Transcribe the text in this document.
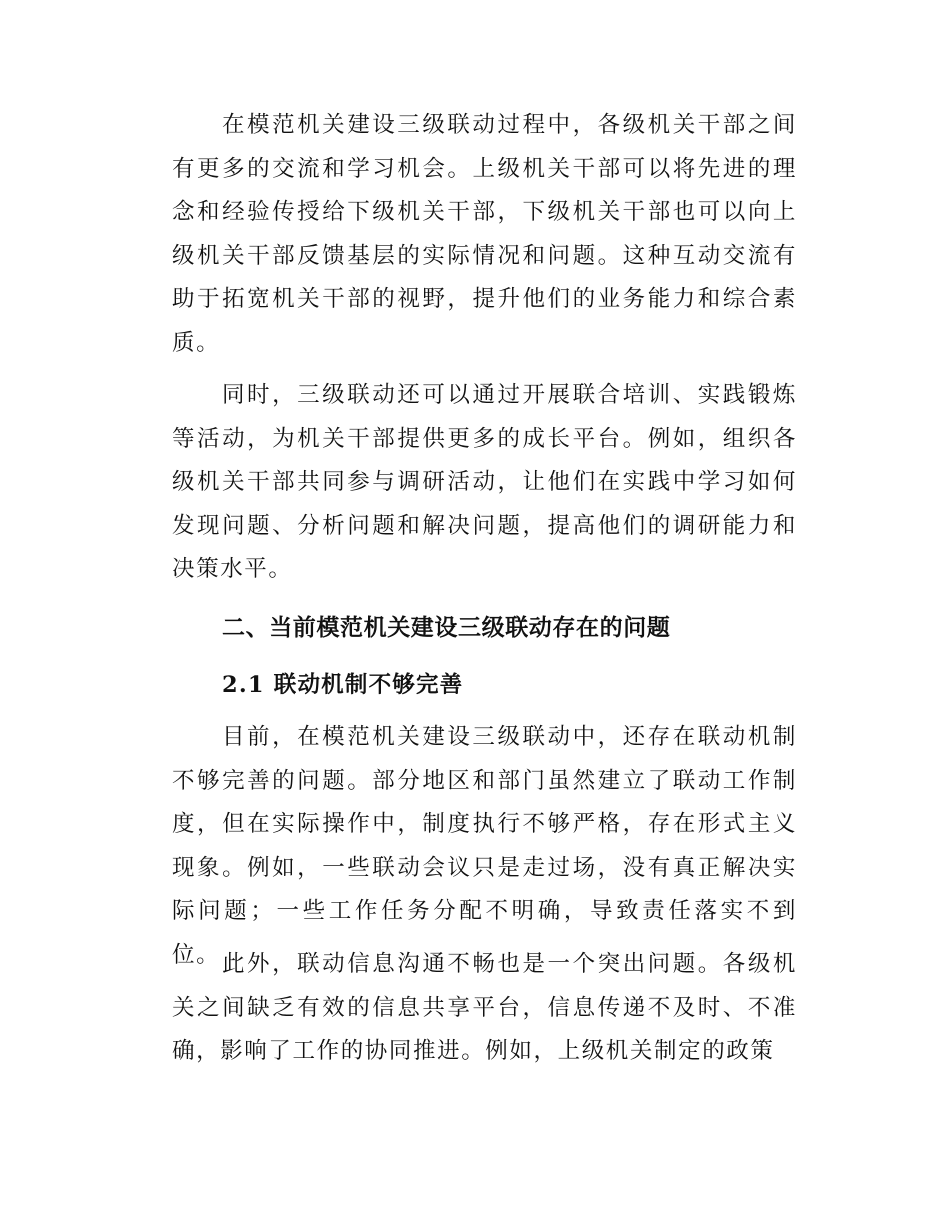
在模范机关建设三级联动过程中，各级机关干部之间有更多的交流和学习机会。上级机关干部可以将先进的理念和经验传授给下级机关干部，下级机关干部也可以向上级机关干部反馈基层的实际情况和问题。这种互动交流有助于拓宽机关干部的视野，提升他们的业务能力和综合素质。

同时，三级联动还可以通过开展联合培训、实践锻炼等活动，为机关干部提供更多的成长平台。例如，组织各级机关干部共同参与调研活动，让他们在实践中学习如何发现问题、分析问题和解决问题，提高他们的调研能力和决策水平。

二、当前模范机关建设三级联动存在的问题
2.1 联动机制不够完善

目前，在模范机关建设三级联动中，还存在联动机制不够完善的问题。部分地区和部门虽然建立了联动工作制度，但在实际操作中，制度执行不够严格，存在形式主义现象。例如，一些联动会议只是走过场，没有真正解决实际问题；一些工作任务分配不明确，导致责任落实不到位。 此外，联动信息沟通不畅也是一个突出问题。各级机关之间缺乏有效的信息共享平台，信息传递不及时、不准确，影响了工作的协同推进。例如，上级机关制定的政策
